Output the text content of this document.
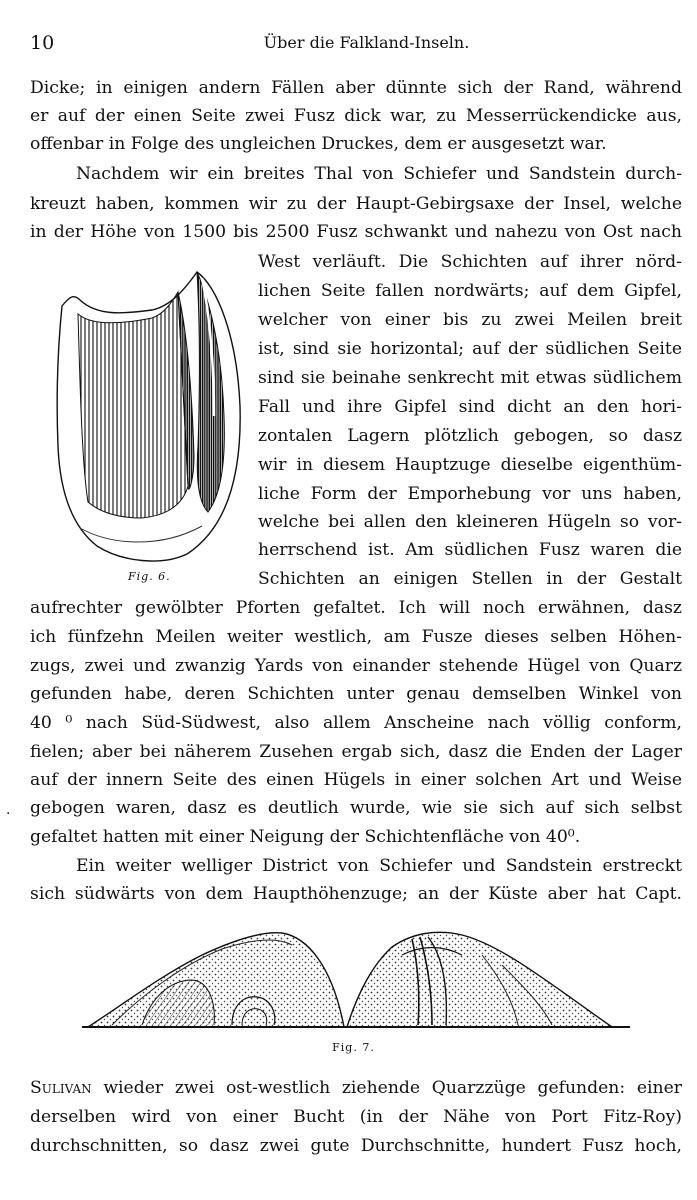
10	Über die Falkland-Inseln.
Dicke; in einigen andern Fällen aber dünnte sich der Rand, während
er auf der einen Seite zwei Fusz dick war, zu Messerrückendicke aus,
offenbar in Folge des ungleichen Druckes, dem er ausgesetzt war.
Nachdem wir ein breites Thal von Schiefer und Sandstein durch-
kreuzt haben, kommen wir zu der Haupt-Gebirgsaxe der Insel, welche
in der Höhe von 1500 bis 2500 Fusz schwankt und nahezu von Ost nach
West verläuft. Die Schichten auf ihrer nörd-
lichen Seite fallen nordwärts; auf dem Gipfel,
welcher von einer bis zu zwei Meilen breit
ist, sind sie horizontal; auf der südlichen Seite
sind sie beinahe senkrecht mit etwas südlichem
Fall und ihre Gipfel sind dicht an den hori-
zontalen Lagern plötzlich gebogen, so dasz
wir in diesem Hauptzuge dieselbe eigenthüm-
liche Form der Emporhebung vor uns haben,
welche bei allen den kleineren Hügeln so vor-
herrschend ist. Am südlichen Fusz waren die
Schichten an einigen Stellen in der Gestalt
Fig. 6.
aufrechter gewölbter Pforten gefaltet. Ich will noch erwähnen, dasz
ich fünfzehn Meilen weiter westlich, am Fusze dieses selben Höhen-
zugs, zwei und zwanzig Yards von einander stehende Hügel von Quarz
gefunden habe, deren Schichten unter genau demselben Winkel von
40 ⁰ nach Süd-Südwest, also allem Anscheine nach völlig conform,
fielen; aber bei näherem Zusehen ergab sich, dasz die Enden der Lager
auf der innern Seite des einen Hügels in einer solchen Art und Weise
gebogen waren, dasz es deutlich wurde, wie sie sich auf sich selbst
gefaltet hatten mit einer Neigung der Schichtenfläche von 40⁰.
Ein weiter welliger District von Schiefer und Sandstein erstreckt
sich südwärts von dem Haupthöhenzuge; an der Küste aber hat Capt.
·
Fig. 7.
Sulivan wieder zwei ost-westlich ziehende Quarzzüge gefunden: einer
derselben wird von einer Bucht (in der Nähe von Port Fitz-Roy)
durchschnitten, so dasz zwei gute Durchschnitte, hundert Fusz hoch,
